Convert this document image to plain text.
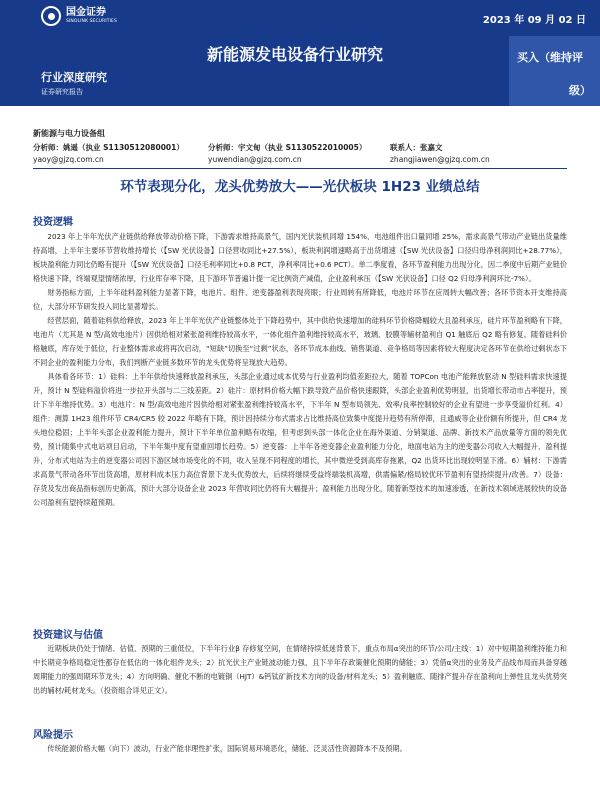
国金证券
SINOLINK SECURITIES	2023 年 09 月 02 日
新能源发电设备行业研究
行业深度研究
证券研究报告
买入（维持评
级）
新能源与电力设备组
分析师：姚遥（执业 S1130512080001）
yaoy@gjzq.com.cn
分析师：宇文甸（执业 S1130522010005）
yuwendian@gjzq.com.cn
联系人：张嘉文
zhangjiawen@gjzq.com.cn
环节表现分化，龙头优势放大——光伏板块 1H23 业绩总结
投资逻辑

2023 年上半年光伏产业链供给释放带动价格下降，下游需求维持高景气，国内光伏装机同增 154%、电池组件出口量同增 25%，需求高景气带动产业链出货量维持高增，上半年主要环节营收维持增长（【SW 光伏设备】口径营收同比+27.5%），板块利润增速略高于出货增速（【SW 光伏设备】口径归母净利润同比+28.77%），板块盈利能力同比仍略有提升（【SW 光伏设备】口径毛利率同比+0.8 PCT，净利率同比+0.6 PCT）。单二季度看，各环节盈利能力出现分化，因二季度中后期产业链价格快速下降，终端观望情绪浓厚，行业库存率下降，且下游环节普遍计提一定比例资产减值，企业盈利承压（【SW 光伏设备】口径 Q2 归母净利润环比-7%）。

财务指标方面，上半年硅料盈利能力显著下降，电池片、组件、逆变器盈利表现亮眼；行业周转有所降低，电池片环节在应周转大幅改善；各环节资本开支维持高位，大部分环节研发投入同比显著增长。

经营层面，随着硅料供给释放，2023 年上半年光伏产业链整体处于下降趋势中，其中供给快速增加的硅料环节价格降幅较大且盈利承压，硅片环节盈利略有下降，电池片（尤其是 N 型/高效电池片）因供给相对紧张盈利维持较高水平，一体化组件盈利维持较高水平，玻璃、胶膜等辅材盈利自 Q1 触底后 Q2 略有修复。随着硅料价格触底，库存处于低位，行业整体需求或将再次启动，“短缺”切换至“过剩”状态，各环节成本曲线、销售渠道、竞争格局等因素将较大程度决定各环节在供给过剩状态下不同企业的盈利能力分布，我们判断产业链多数环节的龙头优势将呈现放大趋势。

具体看各环节：1）硅料：上半年供给快速释放盈利承压，头部企业通过成本优势与行业盈利均值差距拉大，随着 TOPCon 电池产能释放驱动 N 型硅料需求快速提升，预计 N 型硅料溢价将进一步拉开头部与二三线差距。2）硅片：原材料价格大幅下跌导致产品价格快速跟降，头部企业盈利优势明显，出货增长带动市占率提升，预计下半年维持优势。3）电池片：N 型/高效电池片因供给相对紧张盈利维持较高水平，下半年 N 型布局领先、效率/良率控制较好的企业有望进一步享受溢价红利。4）组件：测算 1H23 组件环节 CR4/CR5 较 2022 年略有下降，预计因持续分布式需求占比维持高位致集中度提升趋势有所停滞，且通威等企业份额有所提升，但 CR4 龙头地位稳固；上半年头部企业盈利能力提升，预计下半年单位盈利略有收缩，但考虑到头部一体化企业在海外渠道、分销渠道、品牌、新技术产品放量等方面的领先优势，预计随集中式电站项目启动，下半年集中度有望重回增长趋势。5）逆变器：上半年各逆变器企业盈利能力分化，地面电站为主的逆变器公司收入大幅提升、盈利提升，分布式电站为主的逆变器公司因下游区域市场变化的不同，收入呈现不同程度的增长，其中微逆受到高库存拖累，Q2 出货环比出现较明显下滑。6）辅材：下游需求高景气带动各环节出货高增，原材料成本压力高位背景下龙头优势放大，后续将继续受益终端装机高增，供需偏紧/格局较优环节盈利有望持续提升/改善。7）设备：存货及发出商品指标创历史新高，预计大部分设备企业 2023 年营收同比仍将有大幅提升；盈利能力出现分化，随着新型技术的加速渗透，在新技术领域进展较快的设备公司盈利有望持续超预期。

投资建议与估值

近期板块仍处于情绪、估值、预期的三重低位，下半年行业β 存修复空间，在情绪持续低迷背景下，重点布局α突出的环节/公司/主线：1）对中短期盈利维持能力和中长期竞争格局稳定性都存在低估的一体化组件龙头；2）抗光伏主产业链波动能力强，且下半年存政策催化预期的储能；3）凭借α突出的业务及产品线布局而具备穿越周期能力的强周期环节龙头；4）方向明确、催化不断的电镀铜（HJT）&钙钛矿新技术方向的设备/材料龙头；5）盈利触底、随排产提升存在盈利向上弹性且龙头优势突出的辅材/耗材龙头。（投资组合详见正文）。

风险提示

传统能源价格大幅（向下）波动，行业产能非理性扩张，国际贸易环境恶化，储能、泛灵活性资源降本不及预期。
